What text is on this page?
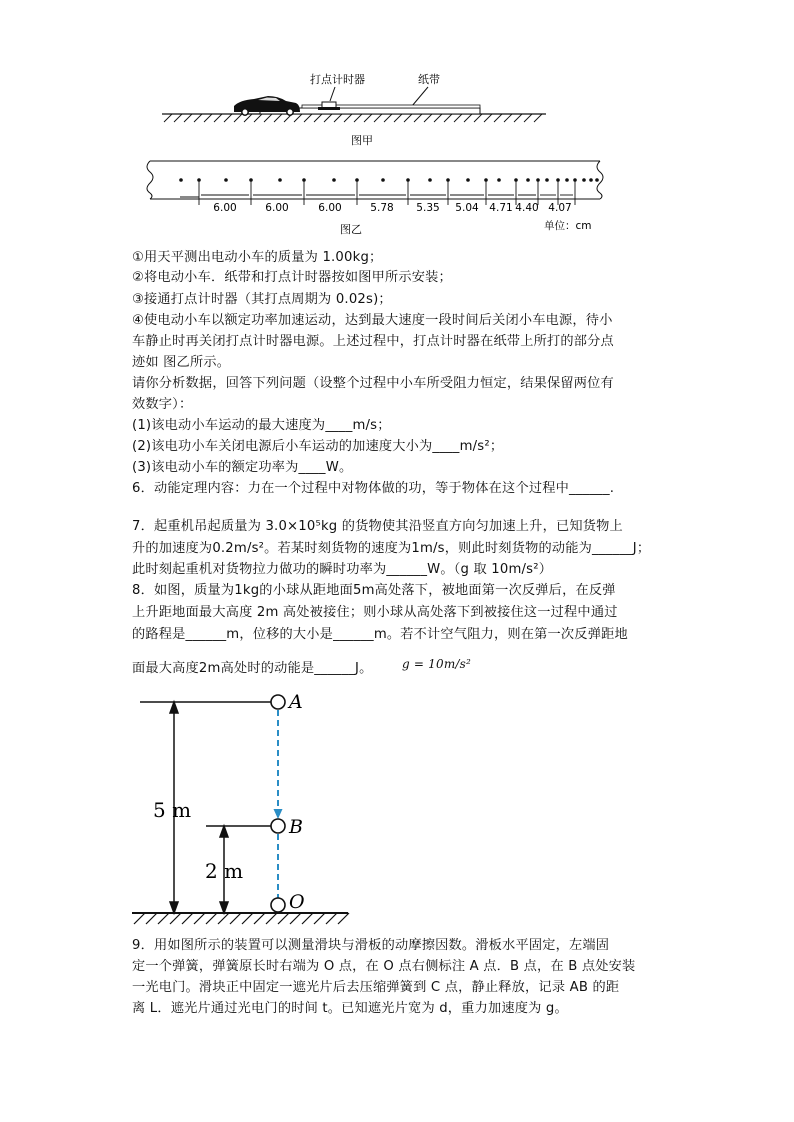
打点计时器	纸带
图甲
6.00	6.00	6.00	5.78 5.35 5.04 4.71 4.40 4.07
图乙	单位：cm
①用天平测出电动小车的质量为 1.00kg；
②将电动小车．纸带和打点计时器按如图甲所示安装；
③接通打点计时器（其打点周期为 0.02s)；
④使电动小车以额定功率加速运动，达到最大速度一段时间后关闭小车电源，待小
车静止时再关闭打点计时器电源。上述过程中，打点计时器在纸带上所打的部分点
迹如 图乙所示。
请你分析数据，回答下列问题（设整个过程中小车所受阻力恒定，结果保留两位有
效数字）：
(1)该电动小车运动的最大速度为____m/s；
(2)该电功小车关闭电源后小车运动的加速度大小为____m/s²；
(3)该电动小车的额定功率为____W。
6．动能定理内容：力在一个过程中对物体做的功，等于物体在这个过程中______.
7．起重机吊起质量为 3.0×10⁵kg 的货物使其沿竖直方向匀加速上升，已知货物上
升的加速度为0.2m/s²。若某时刻货物的速度为1m/s，则此时刻货物的动能为______J；
此时刻起重机对货物拉力做功的瞬时功率为______W。（g 取 10m/s²）
8．如图，质量为1kg的小球从距地面5m高处落下，被地面第一次反弹后，在反弹
上升距地面最大高度 2m 高处被接住；则小球从高处落下到被接住这一过程中通过
的路程是______m，位移的大小是______m。若不计空气阻力，则在第一次反弹距地
面最大高度2m高处时的动能是______J。 g = 10m/s²
A
B
O
5 m
2 m
9．用如图所示的装置可以测量滑块与滑板的动摩擦因数。滑板水平固定，左端固
定一个弹簧，弹簧原长时右端为 O 点，在 O 点右侧标注 A 点．B 点，在 B 点处安装
一光电门。滑块正中固定一遮光片后去压缩弹簧到 C 点，静止释放，记录 AB 的距
离 L．遮光片通过光电门的时间 t。已知遮光片宽为 d，重力加速度为 g。
